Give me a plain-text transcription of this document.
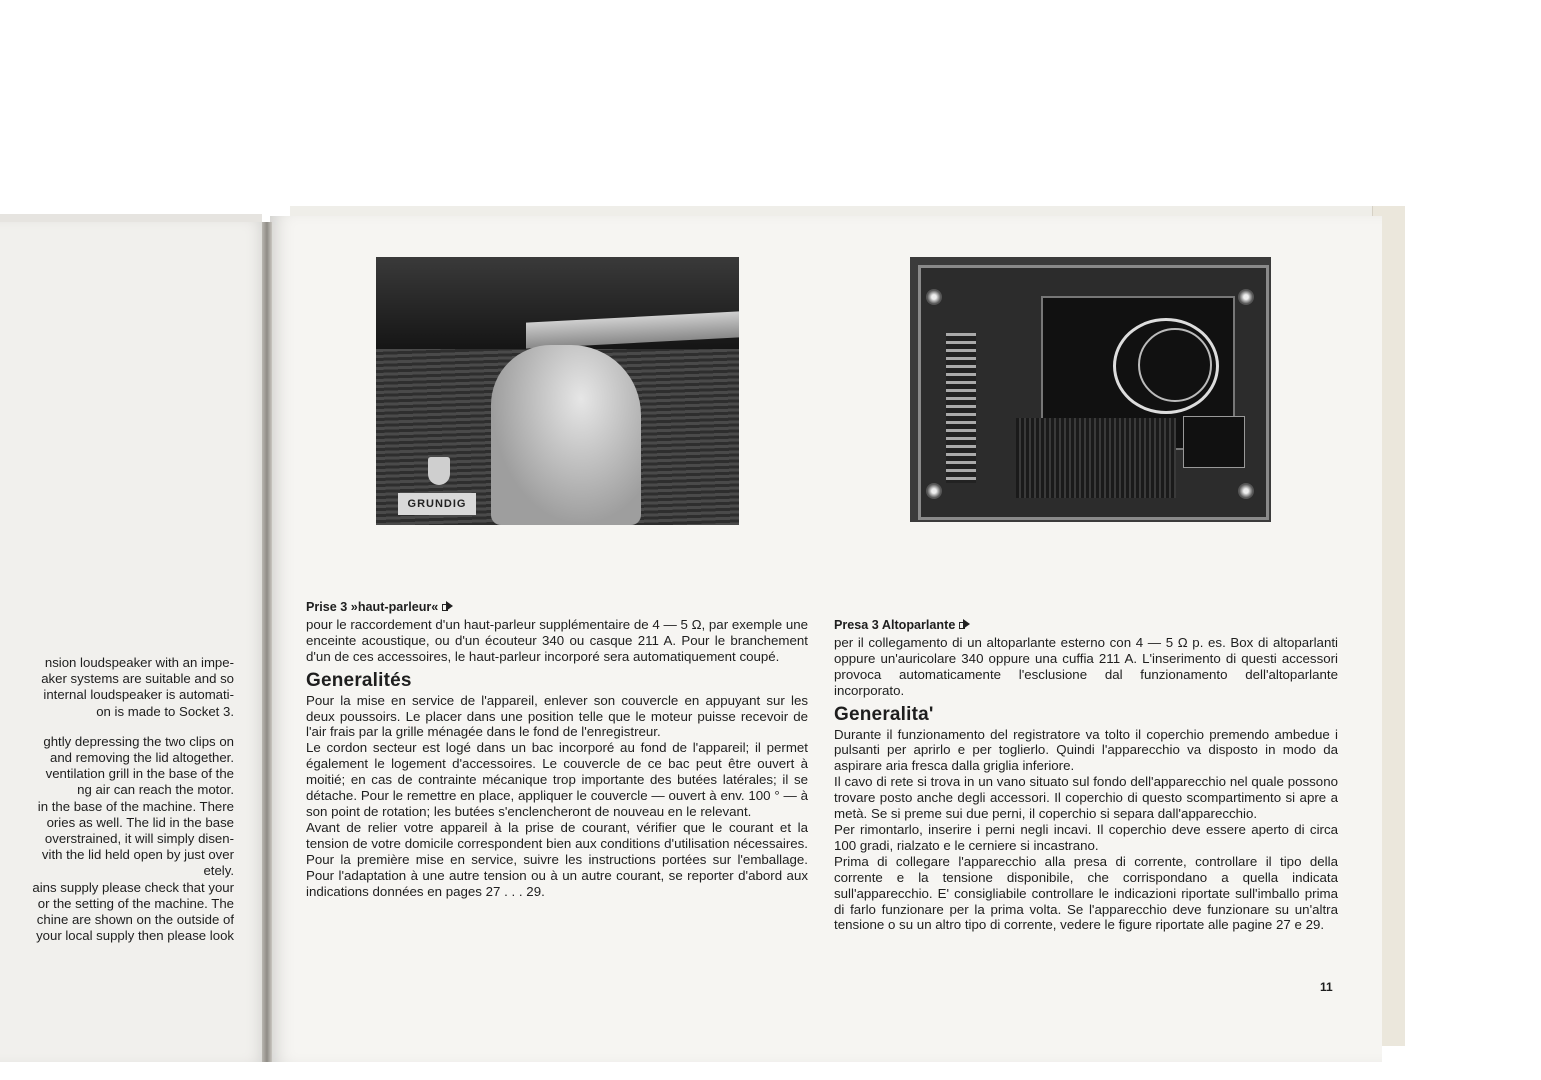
nsion loudspeaker with an impe-
aker systems are suitable and so
internal loudspeaker is automati-
on is made to Socket 3.
ghtly depressing the two clips on
and removing the lid altogether.
ventilation grill in the base of the
ng air can reach the motor.
in the base of the machine. There
ories as well. The lid in the base
overstrained, it will simply disen-
vith the lid held open by just over
etely.
ains supply please check that your
or the setting of the machine. The
chine are shown on the outside of
your local supply then please look
GRUNDIG
Prise 3 »haut-parleur«

pour le raccordement d'un haut-parleur supplémentaire de 4 — 5 Ω, par exemple une enceinte acoustique, ou d'un écouteur 340 ou casque 211 A. Pour le branchement d'un de ces accessoires, le haut-parleur incorporé sera automatiquement coupé.

Generalités

Pour la mise en service de l'appareil, enlever son couvercle en appuyant sur les deux poussoirs. Le placer dans une position telle que le moteur puisse recevoir de l'air frais par la grille ménagée dans le fond de l'enregistreur.

Le cordon secteur est logé dans un bac incorporé au fond de l'appareil; il permet également le logement d'accessoires. Le couvercle de ce bac peut être ouvert à moitié; en cas de contrainte mécanique trop importante des butées latérales; il se détache. Pour le remettre en place, appliquer le couvercle — ouvert à env. 100 ° — à son point de rotation; les butées s'enclencheront de nouveau en le relevant.

Avant de relier votre appareil à la prise de courant, vérifier que le courant et la tension de votre domicile correspondent bien aux conditions d'utilisation nécessaires. Pour la première mise en service, suivre les instructions portées sur l'emballage. Pour l'adaptation à une autre tension ou à un autre courant, se reporter d'abord aux indications données en pages 27 . . . 29.

Presa 3 Altoparlante

per il collegamento di un altoparlante esterno con 4 — 5 Ω p. es. Box di altoparlanti oppure un'auricolare 340 oppure una cuffia 211 A. L'inserimento di questi accessori provoca automaticamente l'esclusione dal funzionamento dell'altoparlante incorporato.

Generalita'

Durante il funzionamento del registratore va tolto il coperchio premendo ambedue i pulsanti per aprirlo e per toglierlo. Quindi l'apparecchio va disposto in modo da aspirare aria fresca dalla griglia inferiore.

Il cavo di rete si trova in un vano situato sul fondo dell'apparecchio nel quale possono trovare posto anche degli accessori. Il coperchio di questo scompartimento si apre a metà. Se si preme sui due perni, il coperchio si separa dall'apparecchio.

Per rimontarlo, inserire i perni negli incavi. Il coperchio deve essere aperto di circa 100 gradi, rialzato e le cerniere si incastrano.

Prima di collegare l'apparecchio alla presa di corrente, controllare il tipo della corrente e la tensione disponibile, che corrispondano a quella indicata sull'apparecchio. E' consigliabile controllare le indicazioni riportate sull'imballo prima di farlo funzionare per la prima volta. Se l'apparecchio deve funzionare su un'altra tensione o su un altro tipo di corrente, vedere le figure riportate alle pagine 27 e 29.

11
